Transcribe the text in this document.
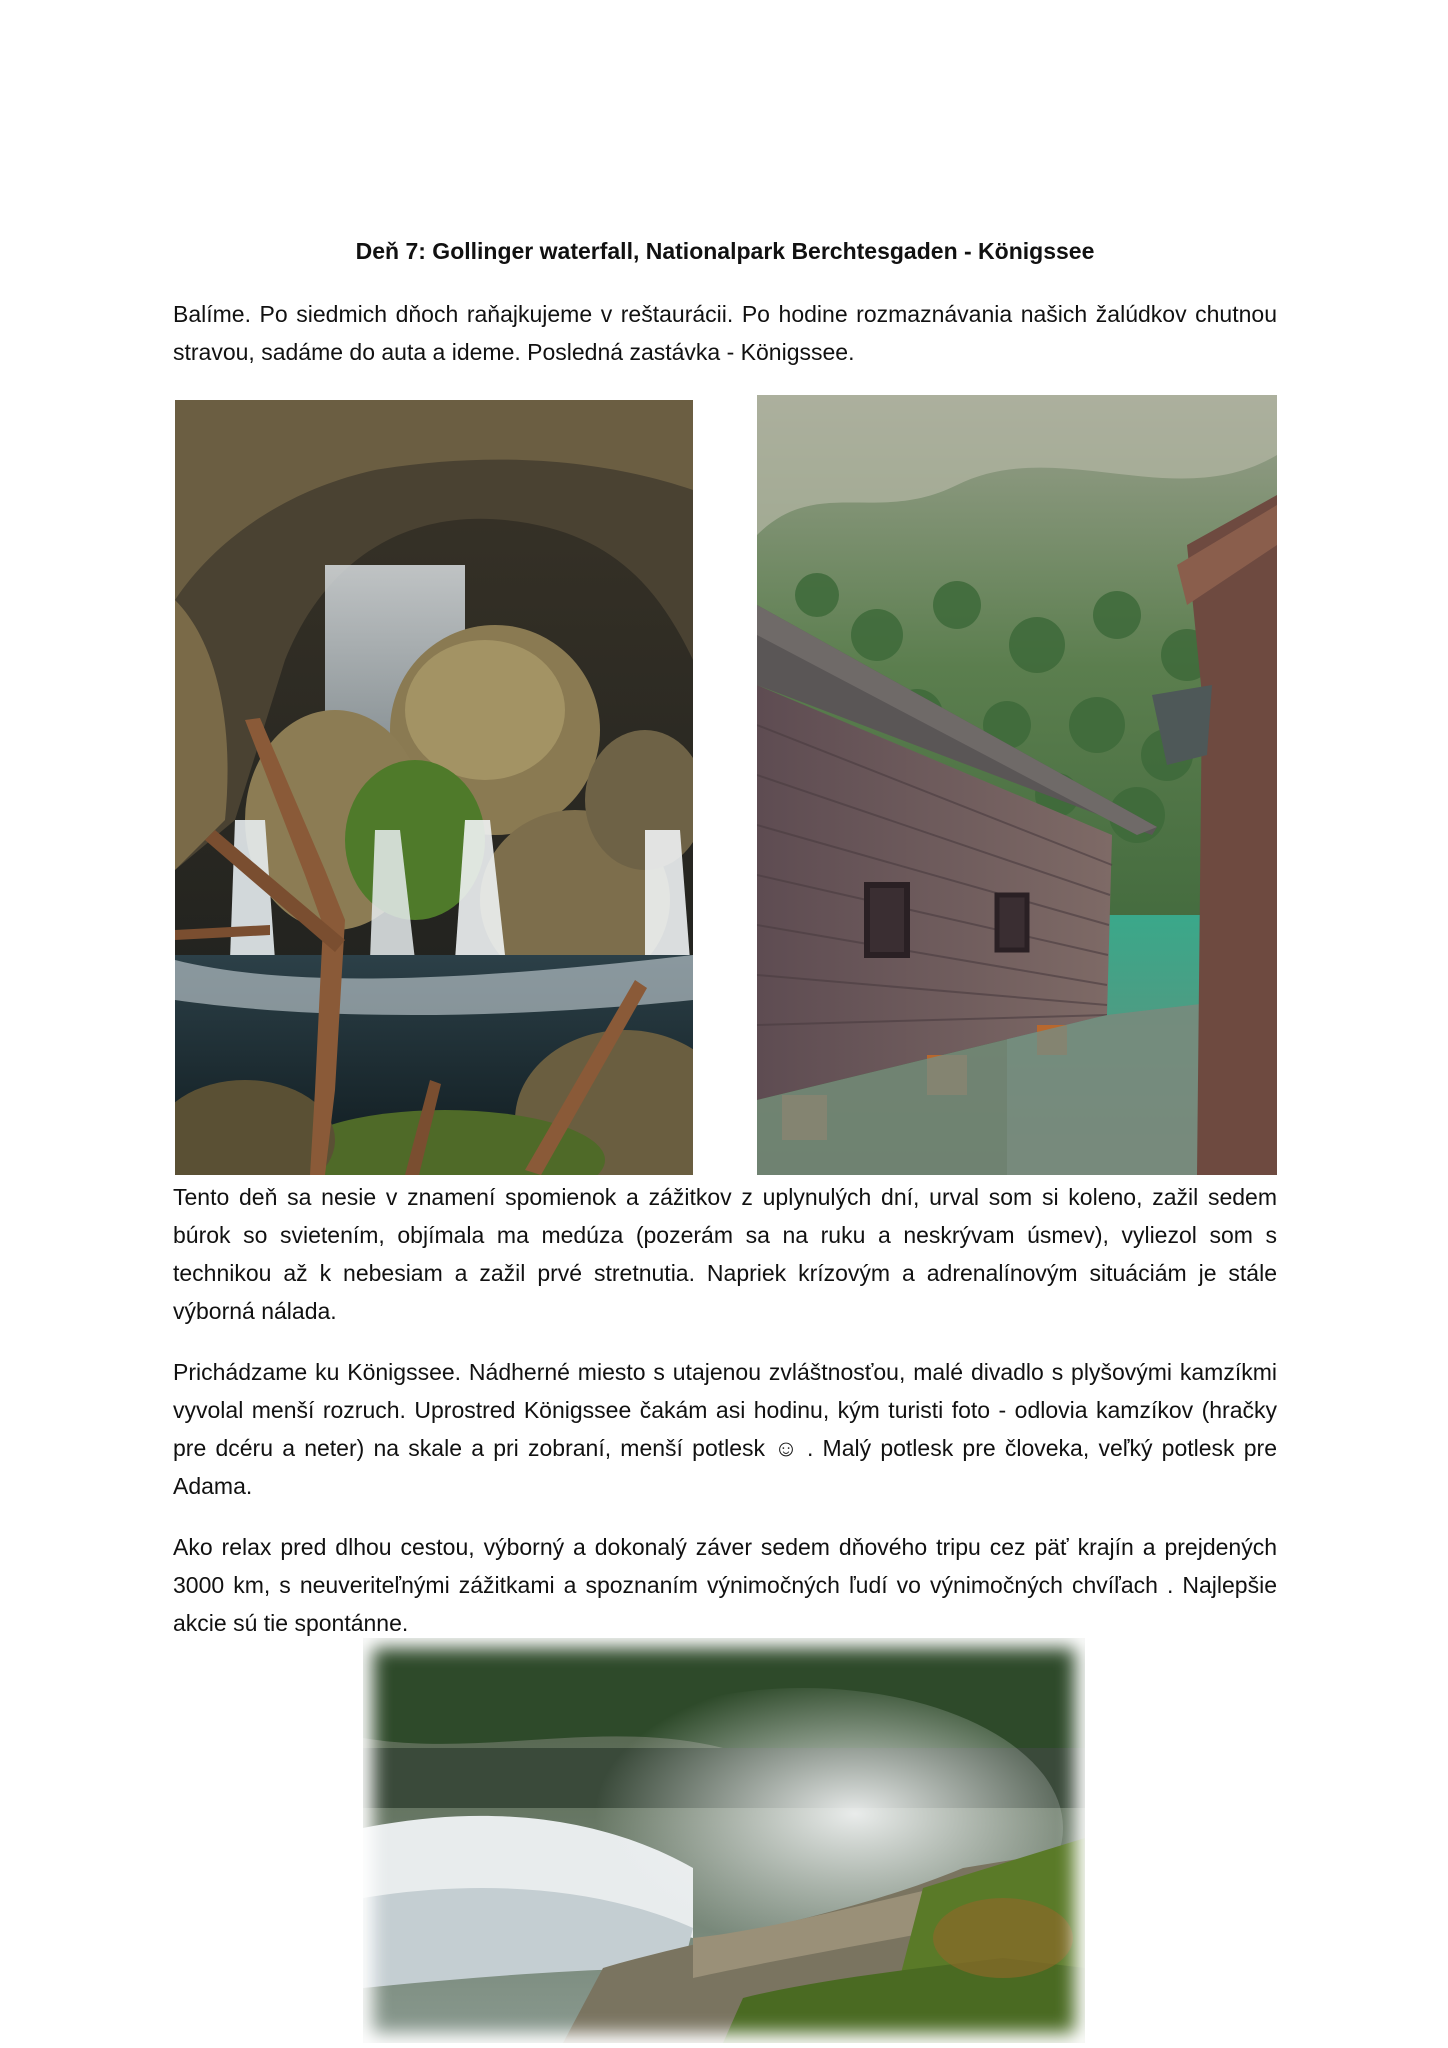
Deň 7: Gollinger waterfall, Nationalpark Berchtesgaden - Königssee

Balíme. Po siedmich dňoch raňajkujeme v reštaurácii. Po hodine rozmaznávania našich žalúdkov chutnou stravou, sadáme do auta a ideme. Posledná zastávka - Königssee.

Tento deň sa nesie v znamení spomienok a zážitkov z uplynulých dní, urval som si koleno, zažil sedem búrok so svietením, objímala ma medúza (pozerám sa na ruku a neskrývam úsmev), vyliezol som s technikou až k nebesiam a zažil prvé stretnutia. Napriek krízovým a adrenalínovým situáciám je stále výborná nálada.

Prichádzame ku Königssee. Nádherné miesto s utajenou zvláštnosťou, malé divadlo s plyšovými kamzíkmi vyvolal menší rozruch. Uprostred Königssee čakám asi hodinu, kým turisti foto - odlovia kamzíkov (hračky pre dcéru a neter) na skale a pri zobraní, menší potlesk ☺ . Malý potlesk pre človeka, veľký potlesk pre Adama.

Ako relax pred dlhou cestou, výborný a dokonalý záver sedem dňového tripu cez päť krajín a prejdených 3000 km, s neuveriteľnými zážitkami a spoznaním výnimočných ľudí vo výnimočných chvíľach . Najlepšie akcie sú tie spontánne.
